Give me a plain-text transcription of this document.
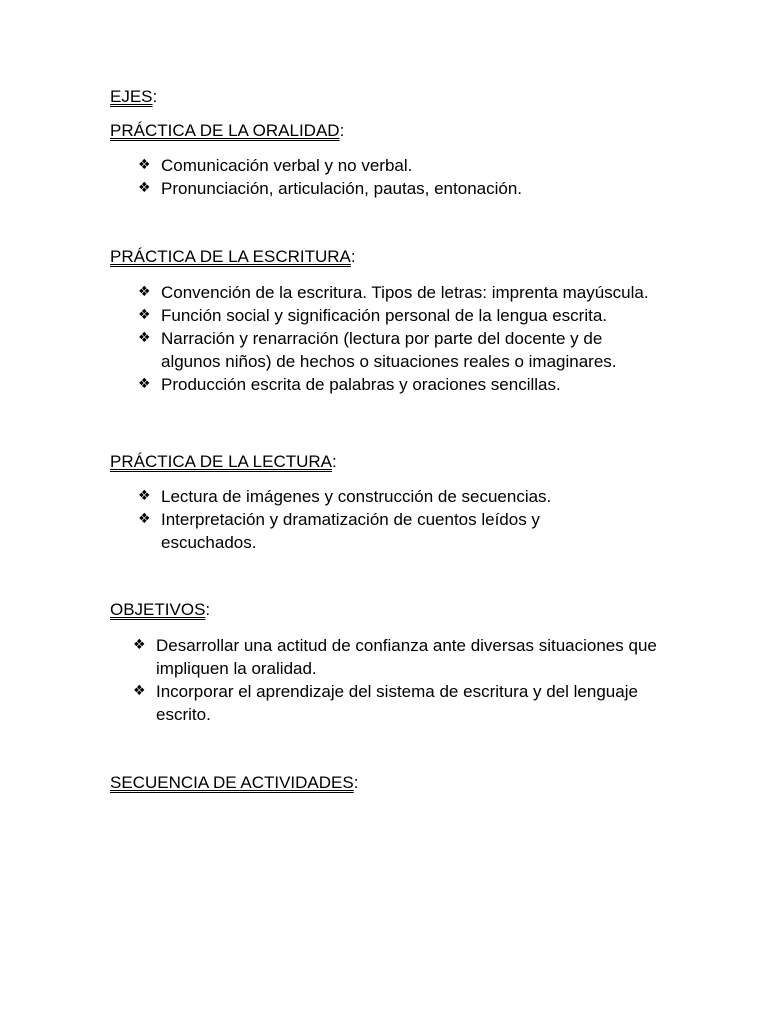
EJES:
PRÁCTICA DE LA ORALIDAD:
❖ Comunicación verbal y no verbal.
❖ Pronunciación, articulación, pautas, entonación.
PRÁCTICA DE LA ESCRITURA:
❖ Convención de la escritura. Tipos de letras: imprenta mayúscula.
❖ Función social y significación personal de la lengua escrita.
❖ Narración y renarración (lectura por parte del docente y de algunos niños) de hechos o situaciones reales o imaginares.
❖ Producción escrita de palabras y oraciones sencillas.
PRÁCTICA DE LA LECTURA:
❖ Lectura de imágenes y construcción de secuencias.
❖ Interpretación y dramatización de cuentos leídos y escuchados.
OBJETIVOS:
❖ Desarrollar una actitud de confianza ante diversas situaciones que impliquen la oralidad.
❖ Incorporar el aprendizaje del sistema de escritura y del lenguaje escrito.
SECUENCIA DE ACTIVIDADES:
